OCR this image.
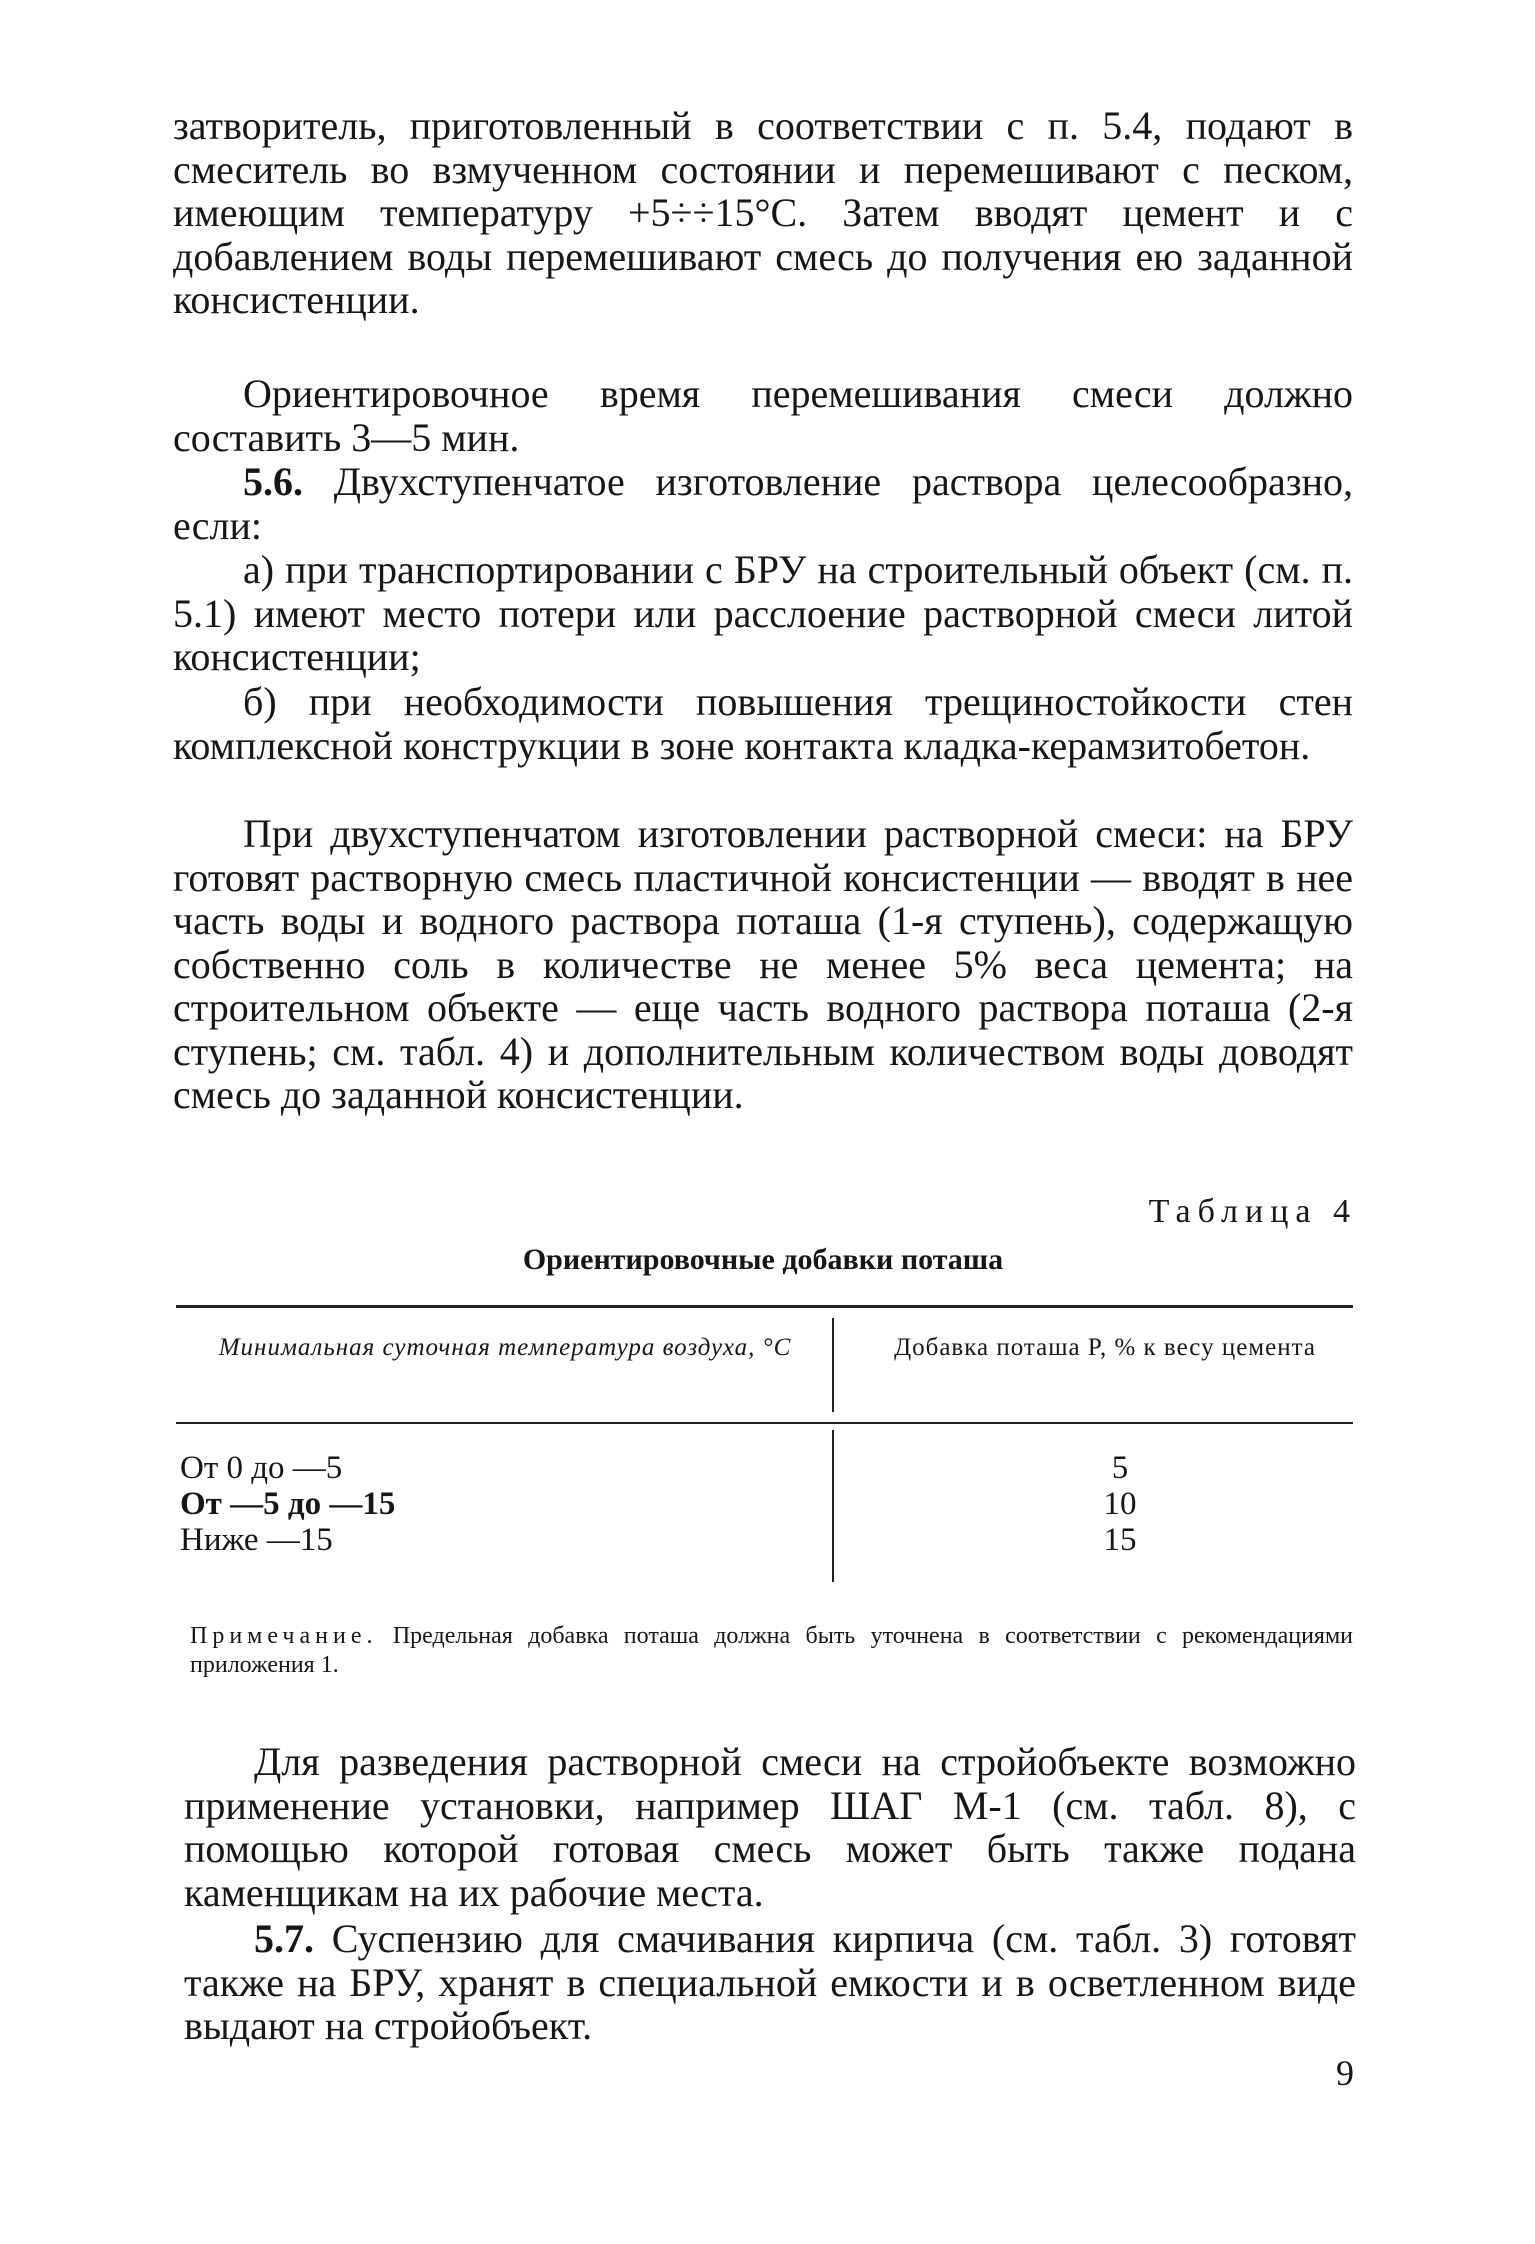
затворитель, приготовленный в соответствии с п. 5.4, подают в смеситель во взмученном состоянии и перемешивают с песком, имеющим температуру +5÷÷15°С. Затем вводят цемент и с добавлением воды перемешивают смесь до получения ею заданной консистенции.

Ориентировочное время перемешивания смеси должно составить 3—5 мин.

5.6. Двухступенчатое изготовление раствора целесообразно, если:

а) при транспортировании с БРУ на строительный объект (см. п. 5.1) имеют место потери или расслоение растворной смеси литой консистенции;

б) при необходимости повышения трещиностойкости стен комплексной конструкции в зоне контакта кладка-керамзитобетон.

При двухступенчатом изготовлении растворной смеси: на БРУ готовят растворную смесь пластичной консистенции — вводят в нее часть воды и водного раствора поташа (1-я ступень), содержащую собственно соль в количестве не менее 5% веса цемента; на строительном объекте — еще часть водного раствора поташа (2-я ступень; см. табл. 4) и дополнительным количеством воды доводят смесь до заданной консистенции.

Таблица 4

Ориентировочные добавки поташа

Минимальная суточная температура воздуха, °С	Добавка поташа P, % к весу цемента

От 0 до —5
От —5 до —15
Ниже —15
5
10
15

Примечание. Предельная добавка поташа должна быть уточнена в соответствии с рекомендациями приложения 1.

Для разведения растворной смеси на стройобъекте возможно применение установки, например ШАГ М-1 (см. табл. 8), с помощью которой готовая смесь может быть также подана каменщикам на их рабочие места.

5.7. Суспензию для смачивания кирпича (см. табл. 3) готовят также на БРУ, хранят в специальной емкости и в осветленном виде выдают на стройобъект.

9
